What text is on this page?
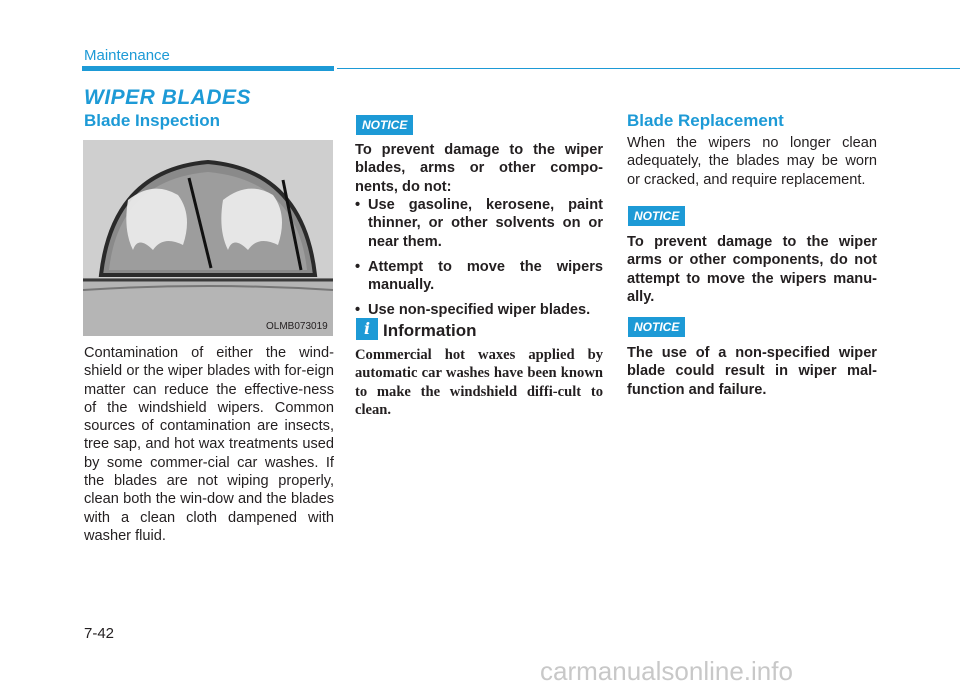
Maintenance
WIPER BLADES
Blade Inspection
OLMB073019
Contamination of either the wind-shield or the wiper blades with for-eign matter can reduce the effective-ness of the windshield wipers. Common sources of contamination are insects, tree sap, and hot wax treatments used by some commer-cial car washes. If the blades are not wiping properly, clean both the win-dow and the blades with a clean cloth dampened with washer fluid.
NOTICE
To prevent damage to the wiper blades, arms or other compo-nents, do not:
• Use gasoline, kerosene, paint thinner, or other solvents on or near them.
• Attempt to move the wipers manually.
• Use non-specified wiper blades.
i Information
Commercial hot waxes applied by automatic car washes have been known to make the windshield diffi-cult to clean.
Blade Replacement
When the wipers no longer clean adequately, the blades may be worn or cracked, and require replacement.
NOTICE
To prevent damage to the wiper arms or other components, do not attempt to move the wipers manu-ally.
NOTICE
The use of a non-specified wiper blade could result in wiper mal-function and failure.
7-42
carmanualsonline.info
